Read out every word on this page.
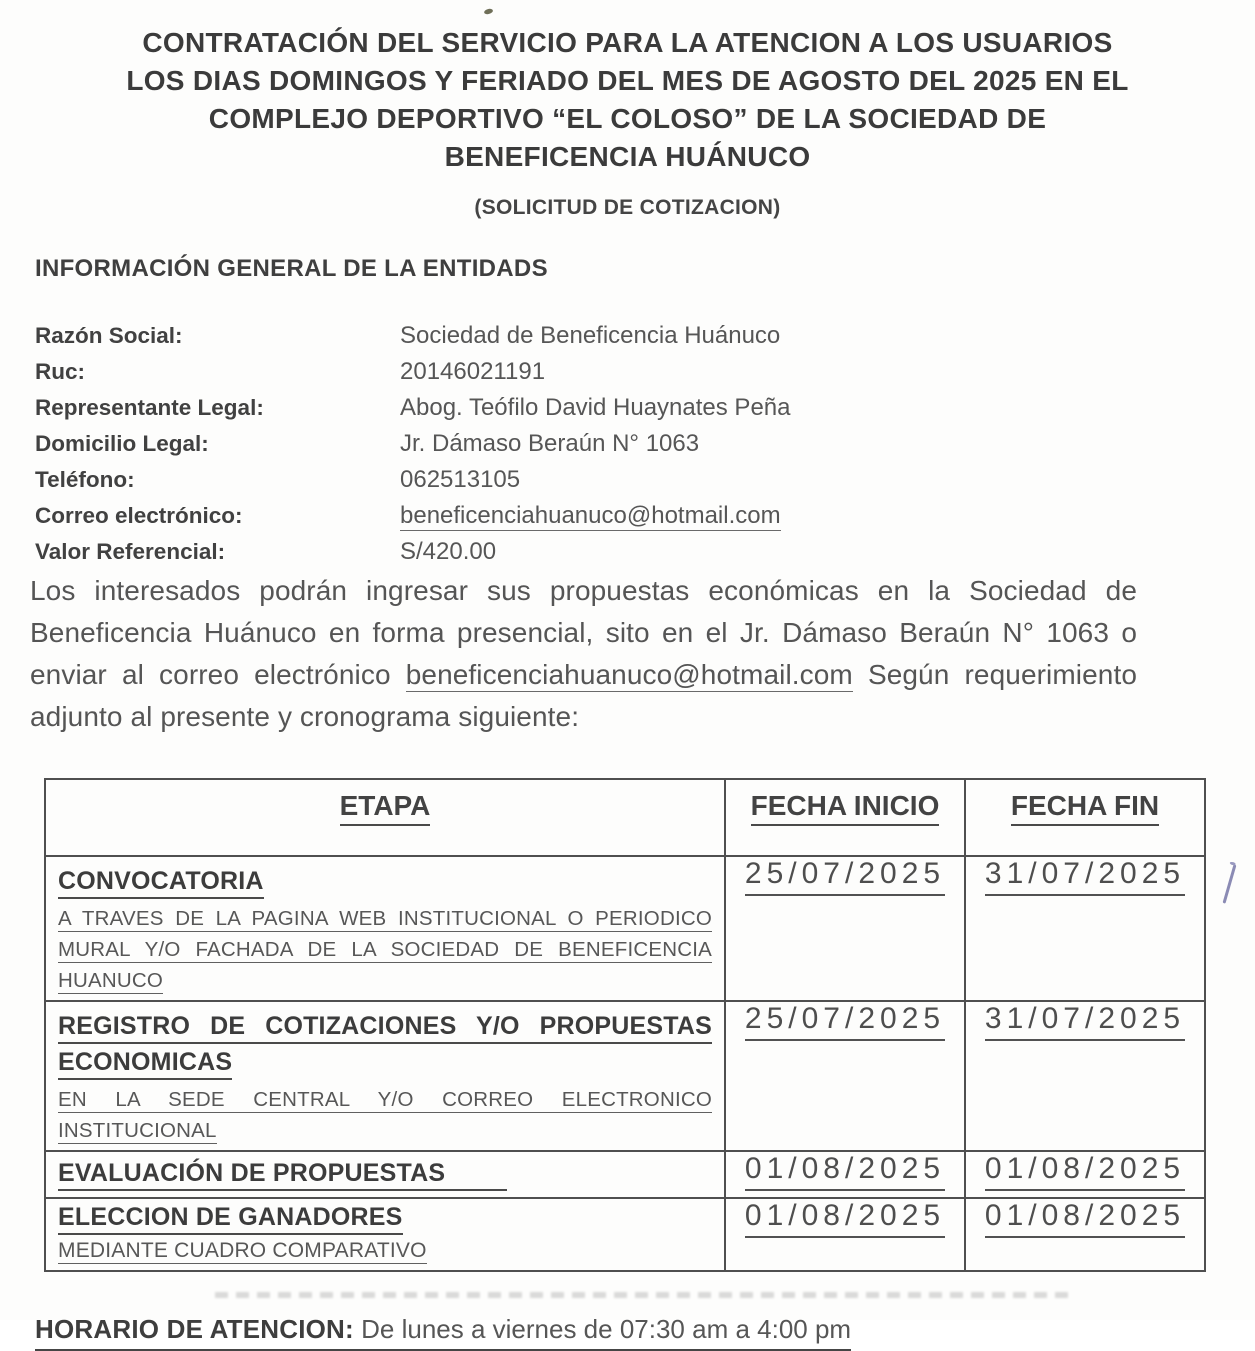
CONTRATACIÓN DEL SERVICIO PARA LA ATENCION A LOS USUARIOS
LOS DIAS DOMINGOS Y FERIADO DEL MES DE AGOSTO DEL 2025 EN EL
COMPLEJO DEPORTIVO “EL COLOSO” DE LA SOCIEDAD DE
BENEFICENCIA HUÁNUCO
(SOLICITUD DE COTIZACION)
INFORMACIÓN GENERAL DE LA ENTIDADS
Razón Social:	Sociedad de Beneficencia Huánuco
Ruc:	20146021191
Representante Legal:	Abog. Teófilo David Huaynates Peña
Domicilio Legal:	Jr. Dámaso Beraún N° 1063
Teléfono:	062513105
Correo electrónico:	beneficenciahuanuco@hotmail.com
Valor Referencial:	S/420.00

Los interesados podrán ingresar sus propuestas económicas en la Sociedad de Beneficencia Huánuco en forma presencial, sito en el Jr. Dámaso Beraún N° 1063 o enviar al correo electrónico beneficenciahuanuco@hotmail.com Según requerimiento adjunto al presente y cronograma siguiente:

ETAPA	FECHA INICIO	FECHA FIN

CONVOCATORIA
A TRAVES DE LA PAGINA WEB INSTITUCIONAL O PERIODICO MURAL Y/O FACHADA DE LA SOCIEDAD DE BENEFICENCIA HUANUCO	25/07/2025	31/07/2025

REGISTRO DE COTIZACIONES Y/O PROPUESTAS ECONOMICAS
EN LA SEDE CENTRAL Y/O CORREO ELECTRONICO INSTITUCIONAL	25/07/2025	31/07/2025

EVALUACIÓN DE PROPUESTAS	01/08/2025	01/08/2025

ELECCION DE GANADORES
MEDIANTE CUADRO COMPARATIVO	01/08/2025	01/08/2025
HORARIO DE ATENCION: De lunes a viernes de 07:30 am a 4:00 pm
